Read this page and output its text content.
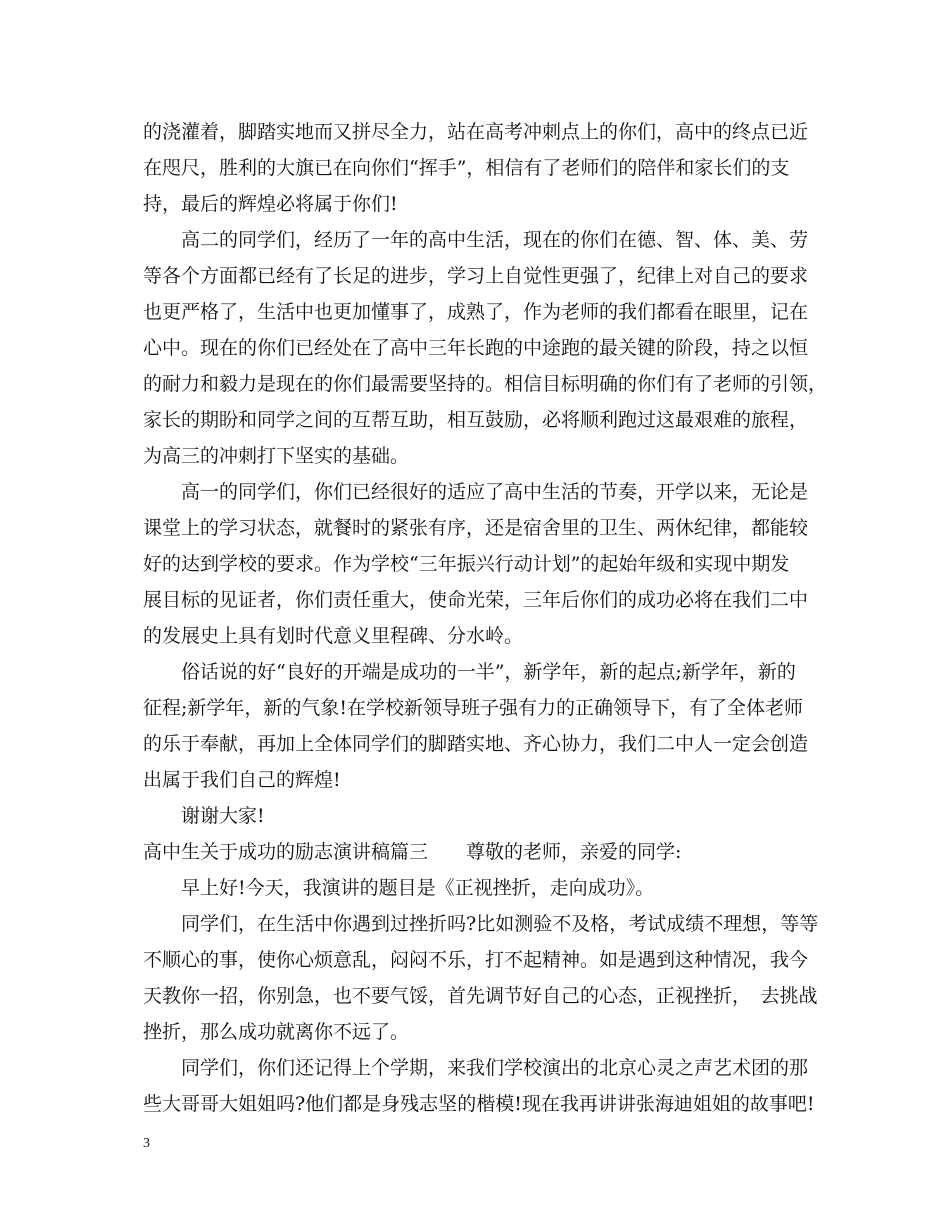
的浇灌着，脚踏实地而又拼尽全力，站在高考冲刺点上的你们，高中的终点已近
在咫尺，胜利的大旗已在向你们“挥手”，相信有了老师们的陪伴和家长们的支
持，最后的辉煌必将属于你们!
高二的同学们，经历了一年的高中生活，现在的你们在德、智、体、美、劳
等各个方面都已经有了长足的进步，学习上自觉性更强了，纪律上对自己的要求
也更严格了，生活中也更加懂事了，成熟了，作为老师的我们都看在眼里，记在
心中。现在的你们已经处在了高中三年长跑的中途跑的最关键的阶段，持之以恒
的耐力和毅力是现在的你们最需要坚持的。相信目标明确的你们有了老师的引领，
家长的期盼和同学之间的互帮互助，相互鼓励，必将顺利跑过这最艰难的旅程，
为高三的冲刺打下坚实的基础。
高一的同学们，你们已经很好的适应了高中生活的节奏，开学以来，无论是
课堂上的学习状态，就餐时的紧张有序，还是宿舍里的卫生、两休纪律，都能较
好的达到学校的要求。作为学校“三年振兴行动计划”的起始年级和实现中期发
展目标的见证者，你们责任重大，使命光荣，三年后你们的成功必将在我们二中
的发展史上具有划时代意义里程碑、分水岭。
俗话说的好“良好的开端是成功的一半”，新学年，新的起点;新学年，新的
征程;新学年，新的气象!在学校新领导班子强有力的正确领导下，有了全体老师
的乐于奉献，再加上全体同学们的脚踏实地、齐心协力，我们二中人一定会创造
出属于我们自己的辉煌!
谢谢大家!
高中生关于成功的励志演讲稿篇三　　尊敬的老师，亲爱的同学:
早上好!今天，我演讲的题目是《正视挫折，走向成功》。
同学们，在生活中你遇到过挫折吗?比如测验不及格，考试成绩不理想，等等
不顺心的事，使你心烦意乱，闷闷不乐，打不起精神。如是遇到这种情况，我今
天教你一招，你别急，也不要气馁，首先调节好自己的心态，正视挫折，　去挑战
挫折，那么成功就离你不远了。
同学们，你们还记得上个学期，来我们学校演出的北京心灵之声艺术团的那
些大哥哥大姐姐吗?他们都是身残志坚的楷模!现在我再讲讲张海迪姐姐的故事吧!
3
